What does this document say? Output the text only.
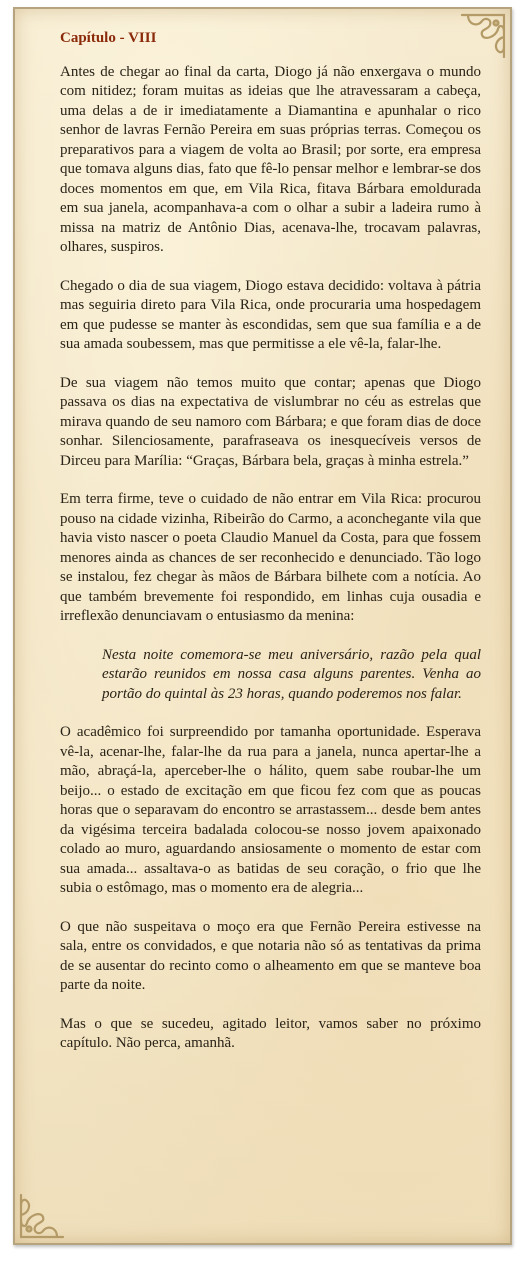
Capítulo - VIII

Antes de chegar ao final da carta, Diogo já não enxergava o mundo com nitidez; foram muitas as ideias que lhe atravessaram a cabeça, uma delas a de ir imediatamente a Diamantina e apunhalar o rico senhor de lavras Fernão Pereira em suas próprias terras. Começou os preparativos para a viagem de volta ao Brasil; por sorte, era empresa que tomava alguns dias, fato que fê-lo pensar melhor e lembrar-se dos doces momentos em que, em Vila Rica, fitava Bárbara emoldurada em sua janela, acompanhava-a com o olhar a subir a ladeira rumo à missa na matriz de Antônio Dias, acenava-lhe, trocavam palavras, olhares, suspiros.

Chegado o dia de sua viagem, Diogo estava decidido: voltava à pátria mas seguiria direto para Vila Rica, onde procuraria uma hospedagem em que pudesse se manter às escondidas, sem que sua família e a de sua amada soubessem, mas que permitisse a ele vê-la, falar-lhe.

De sua viagem não temos muito que contar; apenas que Diogo passava os dias na expectativa de vislumbrar no céu as estrelas que mirava quando de seu namoro com Bárbara; e que foram dias de doce sonhar. Silenciosamente, parafraseava os inesquecíveis versos de Dirceu para Marília: “Graças, Bárbara bela, graças à minha estrela.”

Em terra firme, teve o cuidado de não entrar em Vila Rica: procurou pouso na cidade vizinha, Ribeirão do Carmo, a aconchegante vila que havia visto nascer o poeta Claudio Manuel da Costa, para que fossem menores ainda as chances de ser reconhecido e denunciado. Tão logo se instalou, fez chegar às mãos de Bárbara bilhete com a notícia. Ao que também brevemente foi respondido, em linhas cuja ousadia e irreflexão denunciavam o entusiasmo da menina:

Nesta noite comemora-se meu aniversário, razão pela qual estarão reunidos em nossa casa alguns parentes. Venha ao portão do quintal às 23 horas, quando poderemos nos falar.

O acadêmico foi surpreendido por tamanha oportunidade. Esperava vê-la, acenar-lhe, falar-lhe da rua para a janela, nunca apertar-lhe a mão, abraçá-la, aperceber-lhe o hálito, quem sabe roubar-lhe um beijo... o estado de excitação em que ficou fez com que as poucas horas que o separavam do encontro se arrastassem... desde bem antes da vigésima terceira badalada colocou-se nosso jovem apaixonado colado ao muro, aguardando ansiosamente o momento de estar com sua amada... assaltava-o as batidas de seu coração, o frio que lhe subia o estômago, mas o momento era de alegria...

O que não suspeitava o moço era que Fernão Pereira estivesse na sala, entre os convidados, e que notaria não só as tentativas da prima de se ausentar do recinto como o alheamento em que se manteve boa parte da noite.

Mas o que se sucedeu, agitado leitor, vamos saber no próximo capítulo. Não perca, amanhã.
